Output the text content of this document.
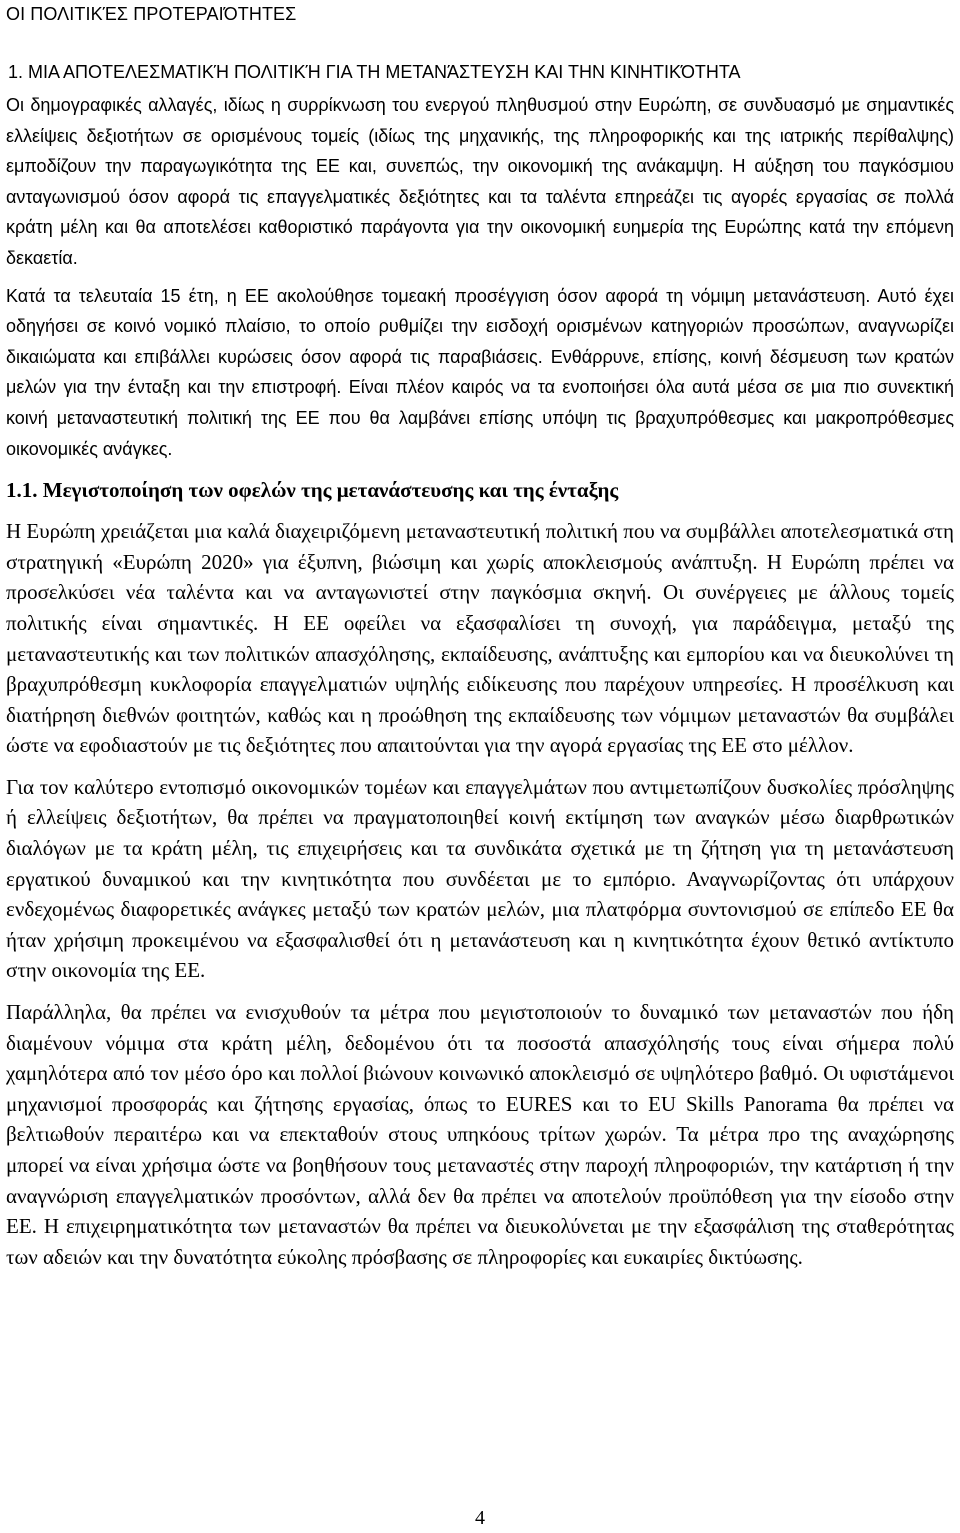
ΟΙ ΠΟΛΙΤΙΚΈΣ ΠΡΟΤΕΡΑΙΌΤΗΤΕΣ
1. ΜΙΑ ΑΠΟΤΕΛΕΣΜΑΤΙΚΉ ΠΟΛΙΤΙΚΉ ΓΙΑ ΤΗ ΜΕΤΑΝΆΣΤΕΥΣΗ ΚΑΙ ΤΗΝ ΚΙΝΗΤΙΚΌΤΗΤΑ

Οι δημογραφικές αλλαγές, ιδίως η συρρίκνωση του ενεργού πληθυσμού στην Ευρώπη, σε συνδυασμό με σημαντικές ελλείψεις δεξιοτήτων σε ορισμένους τομείς (ιδίως της μηχανικής, της πληροφορικής και της ιατρικής περίθαλψης) εμποδίζουν την παραγωγικότητα της ΕΕ και, συνεπώς, την οικονομική της ανάκαμψη. Η αύξηση του παγκόσμιου ανταγωνισμού όσον αφορά τις επαγγελματικές δεξιότητες και τα ταλέντα επηρεάζει τις αγορές εργασίας σε πολλά κράτη μέλη και θα αποτελέσει καθοριστικό παράγοντα για την οικονομική ευημερία της Ευρώπης κατά την επόμενη δεκαετία.

Κατά τα τελευταία 15 έτη, η ΕΕ ακολούθησε τομεακή προσέγγιση όσον αφορά τη νόμιμη μετανάστευση. Αυτό έχει οδηγήσει σε κοινό νομικό πλαίσιο, το οποίο ρυθμίζει την εισδοχή ορισμένων κατηγοριών προσώπων, αναγνωρίζει δικαιώματα και επιβάλλει κυρώσεις όσον αφορά τις παραβιάσεις. Ενθάρρυνε, επίσης, κοινή δέσμευση των κρατών μελών για την ένταξη και την επιστροφή. Είναι πλέον καιρός να τα ενοποιήσει όλα αυτά μέσα σε μια πιο συνεκτική κοινή μεταναστευτική πολιτική της ΕΕ που θα λαμβάνει επίσης υπόψη τις βραχυπρόθεσμες και μακροπρόθεσμες οικονομικές ανάγκες.

1.1. Μεγιστοποίηση των οφελών της μετανάστευσης και της ένταξης

Η Ευρώπη χρειάζεται μια καλά διαχειριζόμενη μεταναστευτική πολιτική που να συμβάλλει αποτελεσματικά στη στρατηγική «Ευρώπη 2020» για έξυπνη, βιώσιμη και χωρίς αποκλεισμούς ανάπτυξη. Η Ευρώπη πρέπει να προσελκύσει νέα ταλέντα και να ανταγωνιστεί στην παγκόσμια σκηνή. Οι συνέργειες με άλλους τομείς πολιτικής είναι σημαντικές. Η ΕΕ οφείλει να εξασφαλίσει τη συνοχή, για παράδειγμα, μεταξύ της μεταναστευτικής και των πολιτικών απασχόλησης, εκπαίδευσης, ανάπτυξης και εμπορίου και να διευκολύνει τη βραχυπρόθεσμη κυκλοφορία επαγγελματιών υψηλής ειδίκευσης που παρέχουν υπηρεσίες. Η προσέλκυση και διατήρηση διεθνών φοιτητών, καθώς και η προώθηση της εκπαίδευσης των νόμιμων μεταναστών θα συμβάλει ώστε να εφοδιαστούν με τις δεξιότητες που απαιτούνται για την αγορά εργασίας της ΕΕ στο μέλλον.

Για τον καλύτερο εντοπισμό οικονομικών τομέων και επαγγελμάτων που αντιμετωπίζουν δυσκολίες πρόσληψης ή ελλείψεις δεξιοτήτων, θα πρέπει να πραγματοποιηθεί κοινή εκτίμηση των αναγκών μέσω διαρθρωτικών διαλόγων με τα κράτη μέλη, τις επιχειρήσεις και τα συνδικάτα σχετικά με τη ζήτηση για τη μετανάστευση εργατικού δυναμικού και την κινητικότητα που συνδέεται με το εμπόριο. Αναγνωρίζοντας ότι υπάρχουν ενδεχομένως διαφορετικές ανάγκες μεταξύ των κρατών μελών, μια πλατφόρμα συντονισμού σε επίπεδο ΕΕ θα ήταν χρήσιμη προκειμένου να εξασφαλισθεί ότι η μετανάστευση και η κινητικότητα έχουν θετικό αντίκτυπο στην οικονομία της ΕΕ.

Παράλληλα, θα πρέπει να ενισχυθούν τα μέτρα που μεγιστοποιούν το δυναμικό των μεταναστών που ήδη διαμένουν νόμιμα στα κράτη μέλη, δεδομένου ότι τα ποσοστά απασχόλησής τους είναι σήμερα πολύ χαμηλότερα από τον μέσο όρο και πολλοί βιώνουν κοινωνικό αποκλεισμό σε υψηλότερο βαθμό. Οι υφιστάμενοι μηχανισμοί προσφοράς και ζήτησης εργασίας, όπως το EURES και το EU Skills Panorama θα πρέπει να βελτιωθούν περαιτέρω και να επεκταθούν στους υπηκόους τρίτων χωρών. Τα μέτρα προ της αναχώρησης μπορεί να είναι χρήσιμα ώστε να βοηθήσουν τους μεταναστές στην παροχή πληροφοριών, την κατάρτιση ή την αναγνώριση επαγγελματικών προσόντων, αλλά δεν θα πρέπει να αποτελούν προϋπόθεση για την είσοδο στην ΕΕ. Η επιχειρηματικότητα των μεταναστών θα πρέπει να διευκολύνεται με την εξασφάλιση της σταθερότητας των αδειών και την δυνατότητα εύκολης πρόσβασης σε πληροφορίες και ευκαιρίες δικτύωσης.

4
